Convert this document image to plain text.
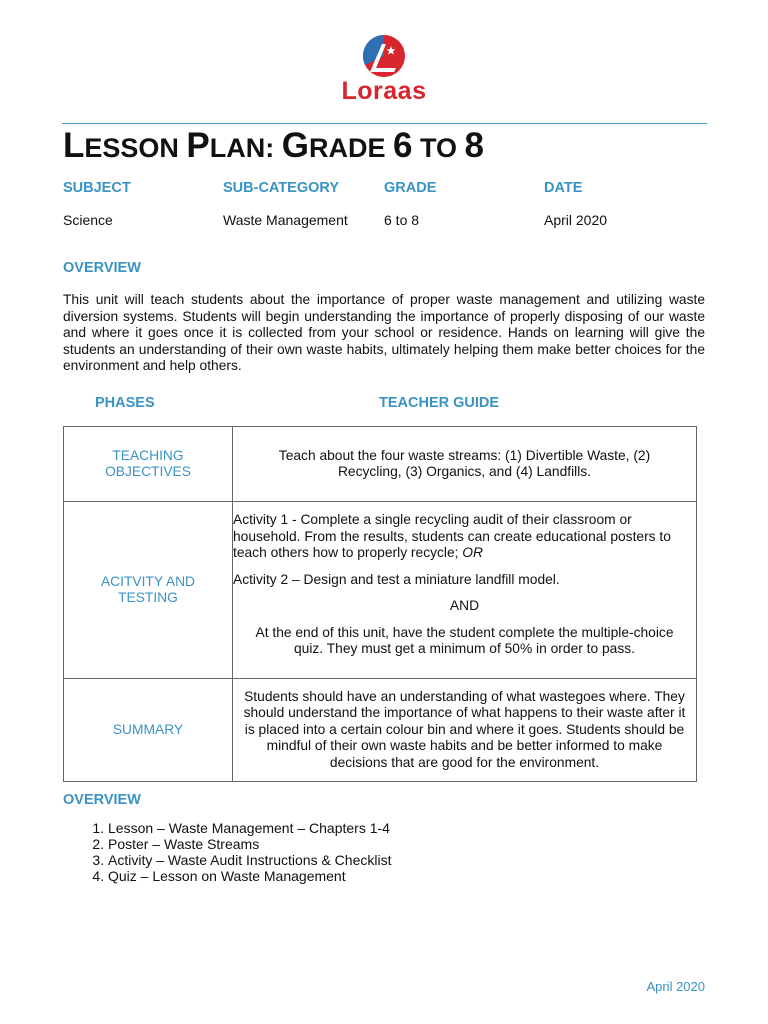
Loraas
LESSON PLAN: GRADE 6 TO 8
SUBJECT	SUB-CATEGORY	GRADE	DATE
Science	Waste Management	6 to 8	April 2020
OVERVIEW
This unit will teach students about the importance of proper waste management and utilizing waste diversion systems. Students will begin understanding the importance of properly disposing of our waste and where it goes once it is collected from your school or residence. Hands on learning will give the students an understanding of their own waste habits, ultimately helping them make better choices for the environment and help others.
PHASES	TEACHER GUIDE
TEACHING OBJECTIVES	Teach about the four waste streams: (1) Divertible Waste, (2) Recycling, (3) Organics, and (4) Landfills.
ACITVITY AND TESTING	Activity 1 - Complete a single recycling audit of their classroom or household. From the results, students can create educational posters to teach others how to properly recycle; OR

Activity 2 – Design and test a miniature landfill model.

AND

At the end of this unit, have the student complete the multiple-choice quiz. They must get a minimum of 50% in order to pass.

SUMMARY	Students should have an understanding of what wastegoes where. They should understand the importance of what happens to their waste after it is placed into a certain colour bin and where it goes. Students should be mindful of their own waste habits and be better informed to make decisions that are good for the environment.
OVERVIEW
1. Lesson – Waste Management – Chapters 1-4
2. Poster – Waste Streams
3. Activity – Waste Audit Instructions & Checklist
4. Quiz – Lesson on Waste Management
April 2020
